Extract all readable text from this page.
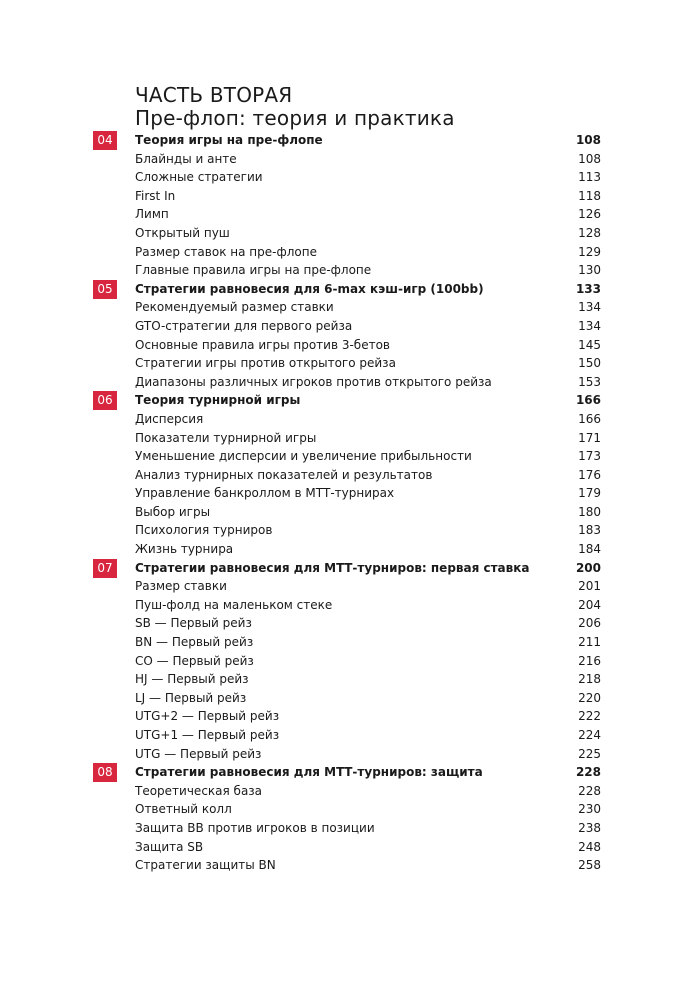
ЧАСТЬ ВТОРАЯ
Пре-флоп: теория и практика
04	Теория игры на пре-флопе	108
Блайнды и анте	108
Сложные стратегии	113
First In	118
Лимп	126
Открытый пуш	128
Размер ставок на пре-флопе	129
Главные правила игры на пре-флопе	130
05	Стратегии равновесия для 6-max кэш-игр (100bb)	133
Рекомендуемый размер ставки	134
GTO-стратегии для первого рейза	134
Основные правила игры против 3-бетов	145
Стратегии игры против открытого рейза	150
Диапазоны различных игроков против открытого рейза	153
06	Теория турнирной игры	166
Дисперсия	166
Показатели турнирной игры	171
Уменьшение дисперсии и увеличение прибыльности	173
Анализ турнирных показателей и результатов	176
Управление банкроллом в МТТ-турнирах	179
Выбор игры	180
Психология турниров	183
Жизнь турнира	184
07	Стратегии равновесия для МТТ-турниров: первая ставка	200
Размер ставки	201
Пуш-фолд на маленьком стеке	204
SB — Первый рейз	206
BN — Первый рейз	211
CO — Первый рейз	216
HJ — Первый рейз	218
LJ — Первый рейз	220
UTG+2 — Первый рейз	222
UTG+1 — Первый рейз	224
UTG — Первый рейз	225
08	Стратегии равновесия для МТТ-турниров: защита	228
Теоретическая база	228
Ответный колл	230
Защита BB против игроков в позиции	238
Защита SB	248
Стратегии защиты BN	258
